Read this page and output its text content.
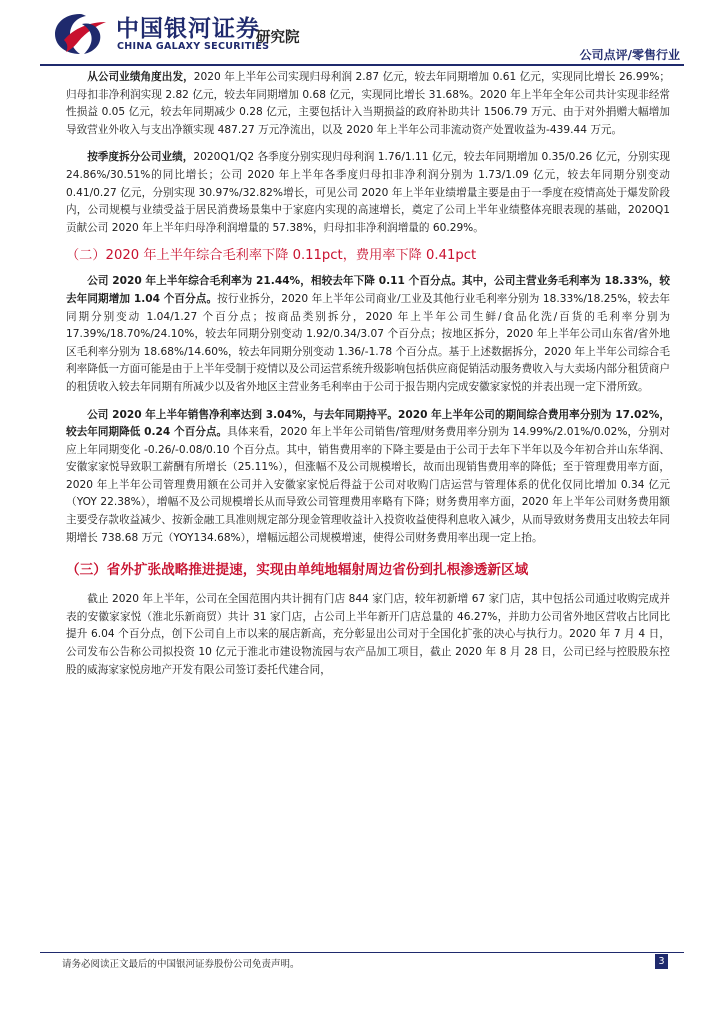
中国银河证券
CHINA GALAXY SECURITIES
研究院
公司点评/零售行业

从公司业绩角度出发，2020 年上半年公司实现归母利润 2.87 亿元，较去年同期增加 0.61 亿元，实现同比增长 26.99%；归母扣非净利润实现 2.82 亿元，较去年同期增加 0.68 亿元，实现同比增长 31.68%。2020 年上半年全年公司共计实现非经常性损益 0.05 亿元，较去年同期减少 0.28 亿元，主要包括计入当期损益的政府补助共计 1506.79 万元、由于对外捐赠大幅增加导致营业外收入与支出净额实现 487.27 万元净流出，以及 2020 年上半年公司非流动资产处置收益为-439.44 万元。

按季度拆分公司业绩，2020Q1/Q2 各季度分别实现归母利润 1.76/1.11 亿元，较去年同期增加 0.35/0.26 亿元，分别实现 24.86%/30.51%的同比增长；公司 2020 年上半年各季度归母扣非净利润分别为 1.73/1.09 亿元，较去年同期分别变动 0.41/0.27 亿元，分别实现 30.97%/32.82%增长，可见公司 2020 年上半年业绩增量主要是由于一季度在疫情高处于爆发阶段内，公司规模与业绩受益于居民消费场景集中于家庭内实现的高速增长，奠定了公司上半年业绩整体亮眼表现的基础，2020Q1 贡献公司 2020 年上半年归母净利润增量的 57.38%，归母扣非净利润增量的 60.29%。

（二）2020 年上半年综合毛利率下降 0.11pct，费用率下降 0.41pct

公司 2020 年上半年综合毛利率为 21.44%，相较去年下降 0.11 个百分点。其中，公司主营业务毛利率为 18.33%，较去年同期增加 1.04 个百分点。按行业拆分，2020 年上半年公司商业/工业及其他行业毛利率分别为 18.33%/18.25%，较去年同期分别变动 1.04/1.27 个百分点；按商品类别拆分，2020 年上半年公司生鲜/食品化洗/百货的毛利率分别为 17.39%/18.70%/24.10%，较去年同期分别变动 1.92/0.34/3.07 个百分点；按地区拆分，2020 年上半年公司山东省/省外地区毛利率分别为 18.68%/14.60%，较去年同期分别变动 1.36/-1.78 个百分点。基于上述数据拆分，2020 年上半年公司综合毛利率降低一方面可能是由于上半年受制于疫情以及公司运营系统升级影响包括供应商促销活动服务费收入与大卖场内部分租赁商户的租赁收入较去年同期有所减少以及省外地区主营业务毛利率由于公司于报告期内完成安徽家家悦的并表出现一定下滑所致。

公司 2020 年上半年销售净利率达到 3.04%，与去年同期持平。2020 年上半年公司的期间综合费用率分别为 17.02%，较去年同期降低 0.24 个百分点。具体来看，2020 年上半年公司销售/管理/财务费用率分别为 14.99%/2.01%/0.02%，分别对应上年同期变化 -0.26/-0.08/0.10 个百分点。其中，销售费用率的下降主要是由于公司于去年下半年以及今年初合并山东华润、安徽家家悦导致职工薪酬有所增长（25.11%），但涨幅不及公司规模增长，故而出现销售费用率的降低；至于管理费用率方面，2020 年上半年公司管理费用额在公司并入安徽家家悦后得益于公司对收购门店运营与管理体系的优化仅同比增加 0.34 亿元（YOY 22.38%），增幅不及公司规模增长从而导致公司管理费用率略有下降；财务费用率方面，2020 年上半年公司财务费用额主要受存款收益减少、按新金融工具准则规定部分现金管理收益计入投资收益使得利息收入减少，从而导致财务费用支出较去年同期增长 738.68 万元（YOY134.68%），增幅远超公司规模增速，使得公司财务费用率出现一定上抬。

（三）省外扩张战略推进提速，实现由单纯地辐射周边省份到扎根渗透新区域

截止 2020 年上半年，公司在全国范围内共计拥有门店 844 家门店，较年初新增 67 家门店，其中包括公司通过收购完成并表的安徽家家悦（淮北乐新商贸）共计 31 家门店，占公司上半年新开门店总量的 46.27%，并助力公司省外地区营收占比同比提升 6.04 个百分点，创下公司自上市以来的展店新高，充分彰显出公司对于全国化扩张的决心与执行力。2020 年 7 月 4 日，公司发布公告称公司拟投资 10 亿元于淮北市建设物流园与农产品加工项目，截止 2020 年 8 月 28 日，公司已经与控股股东控股的威海家家悦房地产开发有限公司签订委托代建合同，

请务必阅读正文最后的中国银河证券股份公司免责声明。	3
